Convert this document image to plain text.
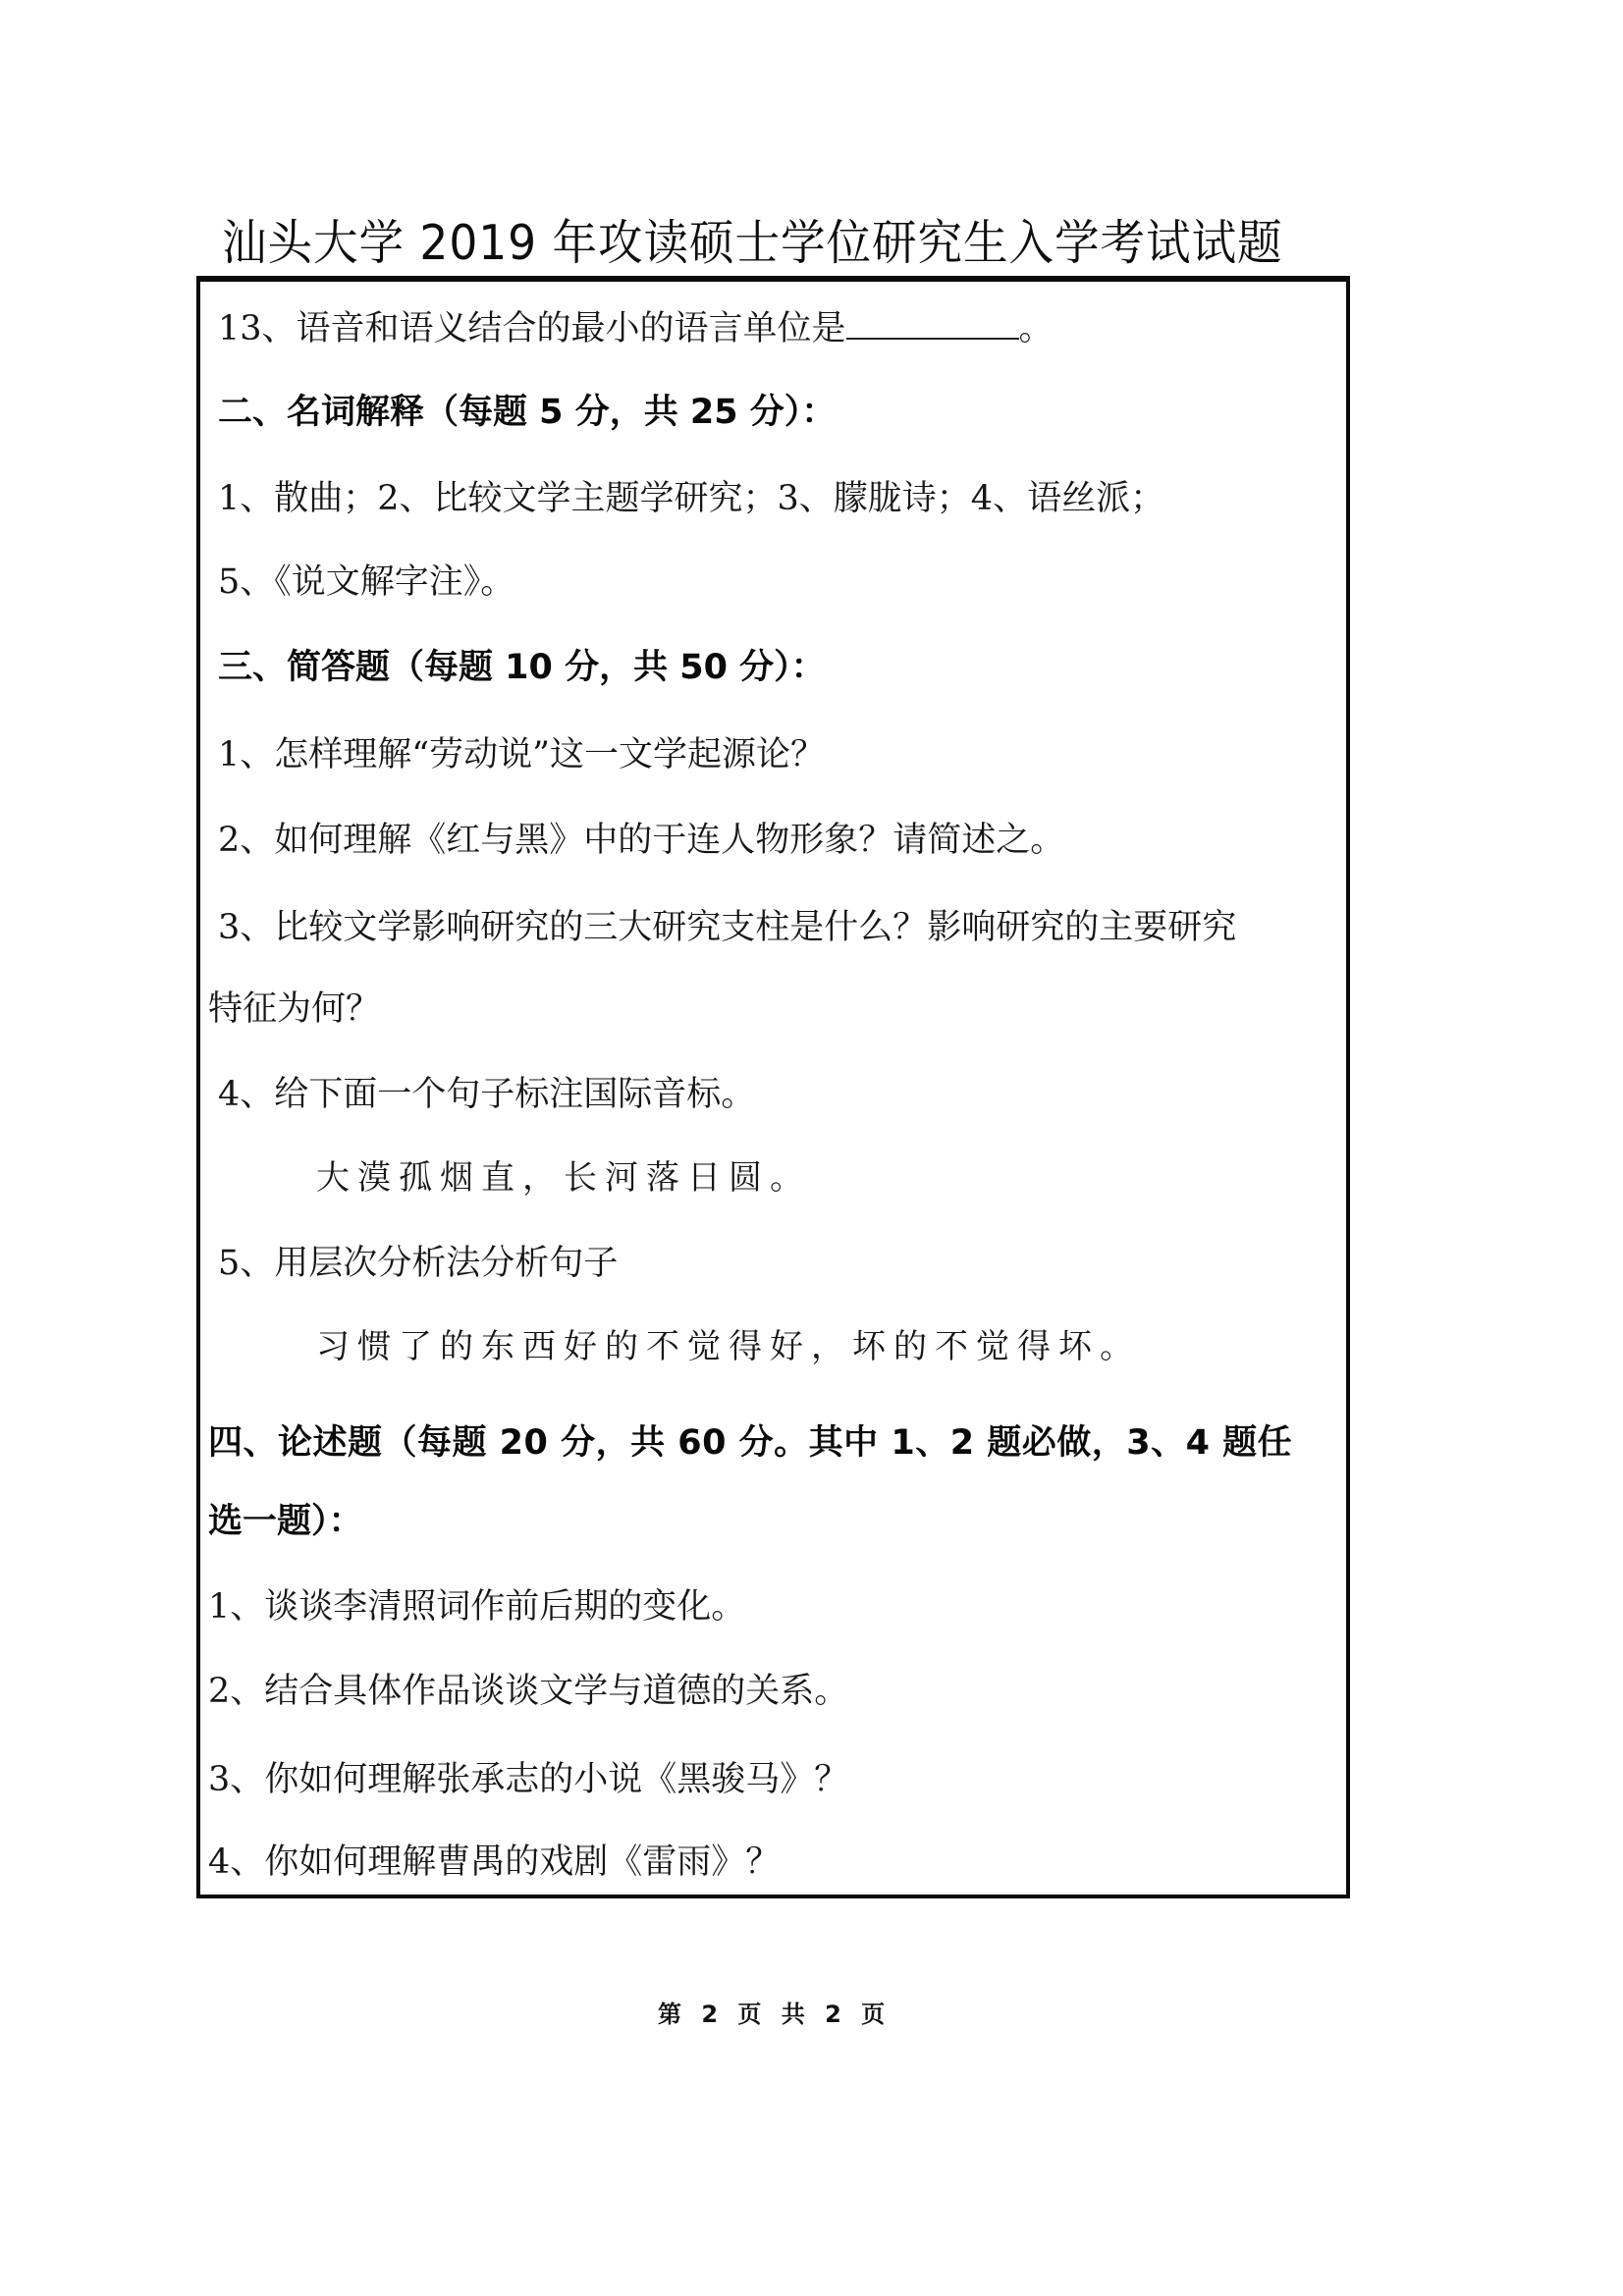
汕头大学 2019 年攻读硕士学位研究生入学考试试题
13、语音和语义结合的最小的语言单位是	。
二、名词解释（每题 5 分，共 25 分）：
1、散曲；2、比较文学主题学研究；3、朦胧诗；4、语丝派；
5、《说文解字注》。
三、简答题（每题 10 分，共 50 分）：
1、怎样理解“劳动说”这一文学起源论？
2、如何理解《红与黑》中的于连人物形象？请简述之。
3、比较文学影响研究的三大研究支柱是什么？影响研究的主要研究
特征为何？
4、给下面一个句子标注国际音标。
大漠孤烟直，长河落日圆。
5、用层次分析法分析句子
习惯了的东西好的不觉得好，坏的不觉得坏。
四、论述题（每题 20 分，共 60 分。其中 1、2 题必做，3、4 题任
选一题）：
1、谈谈李清照词作前后期的变化。
2、结合具体作品谈谈文学与道德的关系。
3、你如何理解张承志的小说《黑骏马》？
4、你如何理解曹禺的戏剧《雷雨》？
第 2 页 共 2 页
